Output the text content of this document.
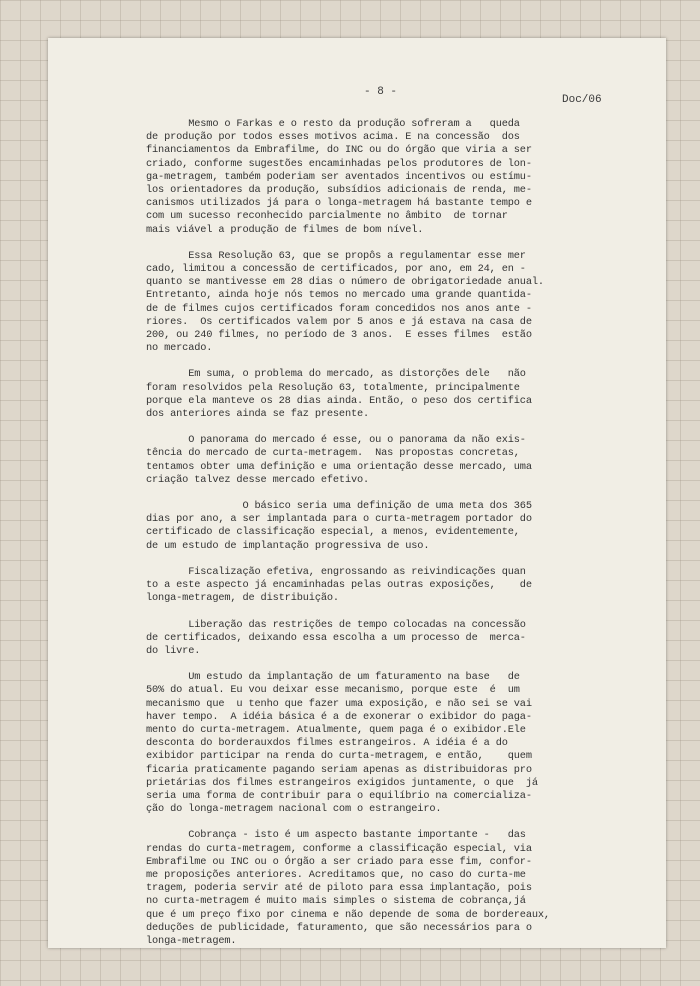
- 8 -
Doc/06
Mesmo o Farkas e o resto da produção sofreram a   queda
de produção por todos esses motivos acima. E na concessão  dos
financiamentos da Embrafilme, do INC ou do órgão que viria a ser
criado, conforme sugestões encaminhadas pelos produtores de lon-
ga-metragem, também poderiam ser aventados incentivos ou estímu-
los orientadores da produção, subsídios adicionais de renda, me-
canismos utilizados já para o longa-metragem há bastante tempo e
com um sucesso reconhecido parcialmente no âmbito  de tornar
mais viável a produção de filmes de bom nível.
Essa Resolução 63, que se propôs a regulamentar esse mer
cado, limitou a concessão de certificados, por ano, em 24, en -
quanto se mantivesse em 28 dias o número de obrigatoriedade anual.
Entretanto, ainda hoje nós temos no mercado uma grande quantida-
de de filmes cujos certificados foram concedidos nos anos ante -
riores.  Os certificados valem por 5 anos e já estava na casa de
200, ou 240 filmes, no período de 3 anos.  E esses filmes  estão
no mercado.
Em suma, o problema do mercado, as distorções dele   não
foram resolvidos pela Resolução 63, totalmente, principalmente
porque ela manteve os 28 dias ainda. Então, o peso dos certifica
dos anteriores ainda se faz presente.
O panorama do mercado é esse, ou o panorama da não exis-
tência do mercado de curta-metragem.  Nas propostas concretas,
tentamos obter uma definição e uma orientação desse mercado, uma
criação talvez desse mercado efetivo.
O básico seria uma definição de uma meta dos 365
dias por ano, a ser implantada para o curta-metragem portador do
certificado de classificação especial, a menos, evidentemente,
de um estudo de implantação progressiva de uso.
Fiscalização efetiva, engrossando as reivindicações quan
to a este aspecto já encaminhadas pelas outras exposições,    de
longa-metragem, de distribuição.
Liberação das restrições de tempo colocadas na concessão
de certificados, deixando essa escolha a um processo de  merca-
do livre.
Um estudo da implantação de um faturamento na base   de
50% do atual. Eu vou deixar esse mecanismo, porque este  é  um
mecanismo que  u tenho que fazer uma exposição, e não sei se vai
haver tempo.  A idéia básica é a de exonerar o exibidor do paga-
mento do curta-metragem. Atualmente, quem paga é o exibidor.Ele
desconta do borderauxdos filmes estrangeiros. A idéia é a do
exibidor participar na renda do curta-metragem, e então,    quem
ficaria praticamente pagando seriam apenas as distribuidoras pro
prietárias dos filmes estrangeiros exigidos juntamente, o que  já
seria uma forma de contribuir para o equilíbrio na comercializa-
ção do longa-metragem nacional com o estrangeiro.
Cobrança - isto é um aspecto bastante importante -   das
rendas do curta-metragem, conforme a classificação especial, via
Embrafilme ou INC ou o Órgão a ser criado para esse fim, confor-
me proposições anteriores. Acreditamos que, no caso do curta-me
tragem, poderia servir até de piloto para essa implantação, pois
no curta-metragem é muito mais simples o sistema de cobrança,já
que é um preço fixo por cinema e não depende de soma de bordereaux,
deduções de publicidade, faturamento, que são necessários para o
longa-metragem.
